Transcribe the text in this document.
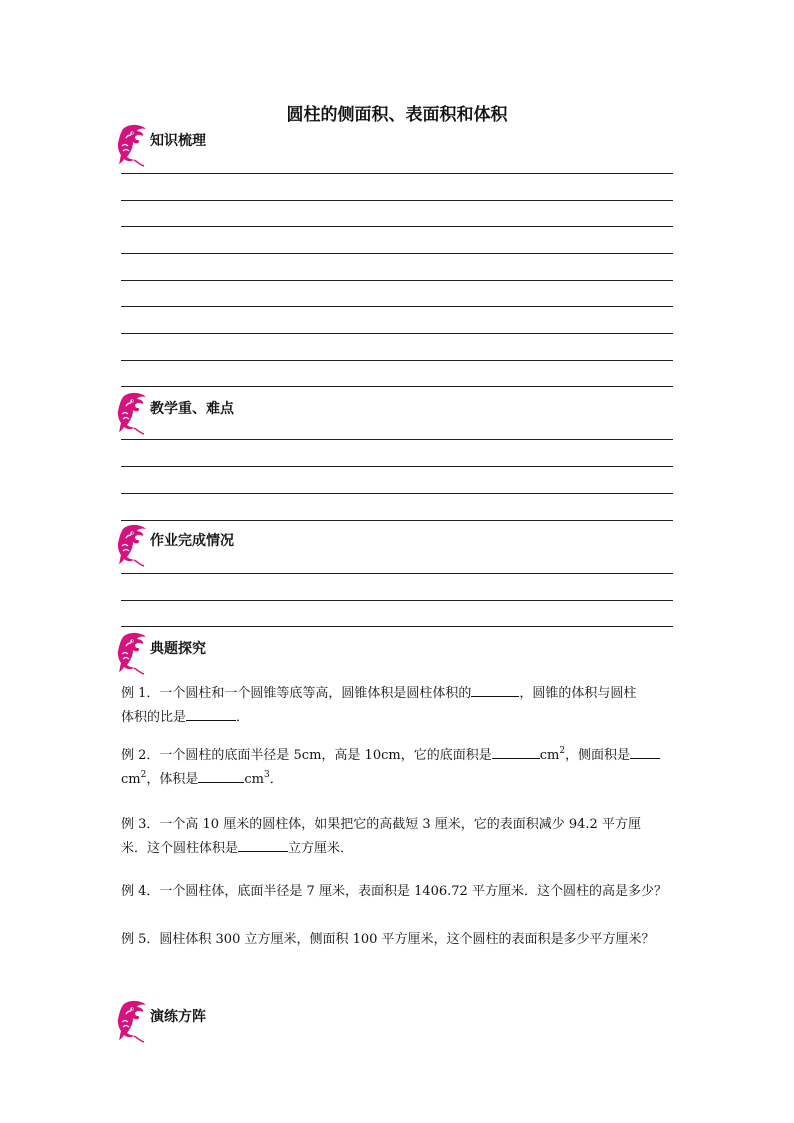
圆柱的侧面积、表面积和体积
知识梳理
教学重、难点
作业完成情况
典题探究
例 1．一个圆柱和一个圆锥等底等高，圆锥体积是圆柱体积的	，圆锥的体积与圆柱
体积的比是	．
例 2．一个圆柱的底面半径是 5cm，高是 10cm，它的底面积是	$cm^2$，侧面积是
$cm^2$，体积是	$cm^3$．
例 3．一个高 10 厘米的圆柱体，如果把它的高截短 3 厘米，它的表面积减少 94.2 平方厘
米．这个圆柱体积是	立方厘米．
例 4．一个圆柱体，底面半径是 7 厘米，表面积是 1406.72 平方厘米．这个圆柱的高是多少？
例 5．圆柱体积 300 立方厘米，侧面积 100 平方厘米，这个圆柱的表面积是多少平方厘米？
演练方阵
